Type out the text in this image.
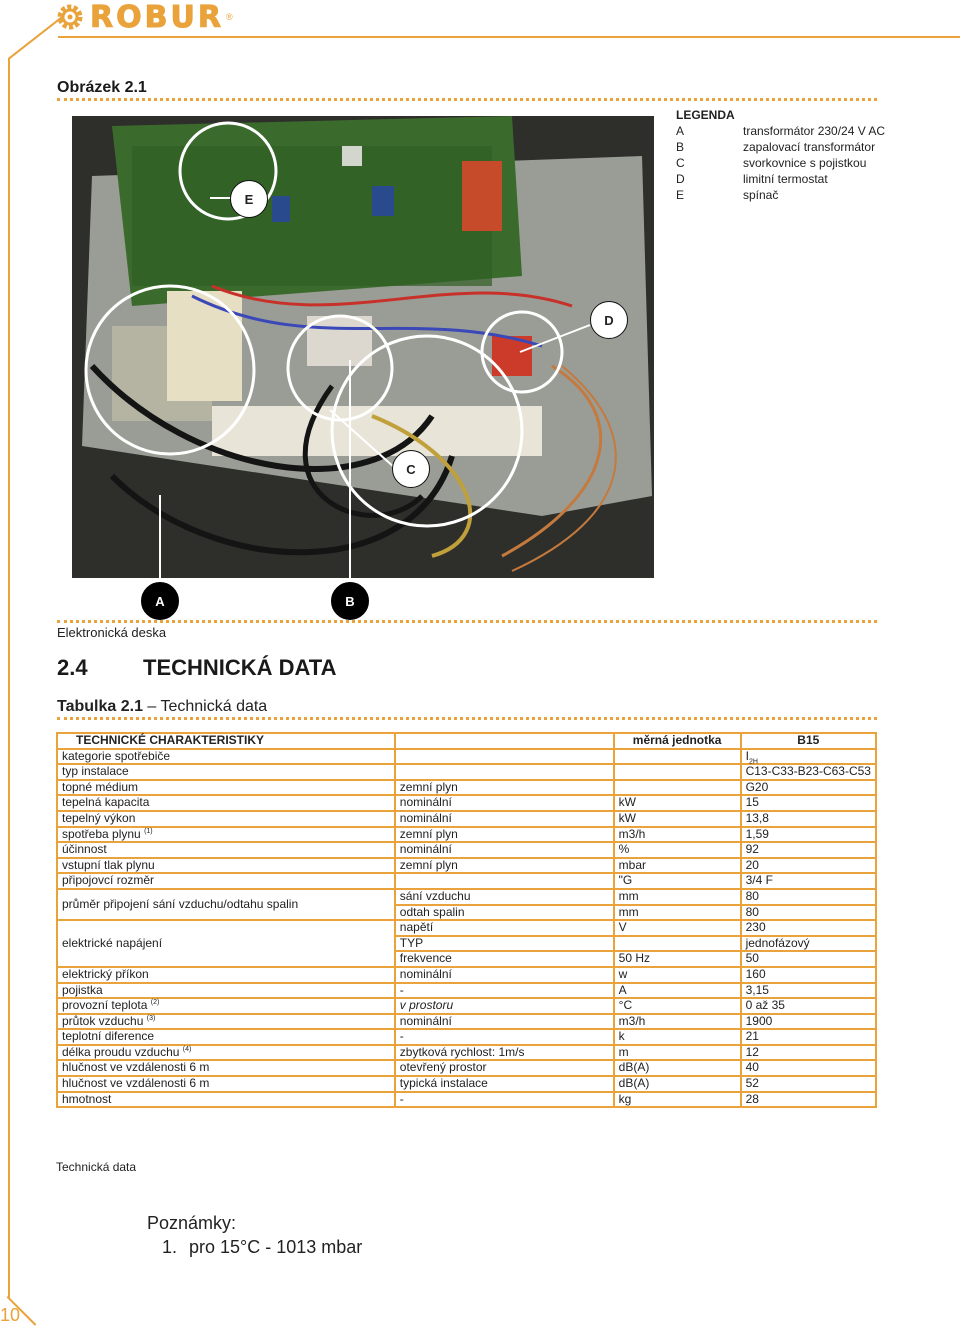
ROBUR ®
Obrázek 2.1
LEGENDA
A	transformátor 230/24 V AC
B	zapalovací transformátor
C	svorkovnice s pojistkou
D	limitní termostat
E	spínač
E
D
C
A	B
Elektronická deska
2.4	TECHNICKÁ DATA
Tabulka 2.1 – Technická data
TECHNICKÉ CHARAKTERISTIKY		měrná jednotka	B15
kategorie spotřebiče			$I_{2H}$
typ instalace			C13-C33-B23-C63-C53
topné médium	zemní plyn		G20
tepelná kapacita	nominální	kW	15
tepelný výkon	nominální	kW	13,8
spotřeba plynu $^{(1)}$	zemní plyn	m3/h	1,59
účinnost	nominální	%	92
vstupní tlak plynu	zemní plyn	mbar	20
připojovcí rozměr		"G	3/4 F
průměr připojení sání vzduchu/odtahu spalin	sání vzduchu	mm	80
	odtah spalin	mm	80
elektrické napájení	napětí	V	230
	TYP		jednofázový
	frekvence	50 Hz	50
elektrický příkon	nominální	w	160
pojistka	-	A	3,15
provozní teplota $^{(2)}$	v prostoru	°C	0 až 35
průtok vzduchu $^{(3)}$	nominální	m3/h	1900
teplotní diference	-	k	21
délka proudu vzduchu $^{(4)}$	zbytková rychlost: 1m/s	m	12
hlučnost ve vzdálenosti 6 m	otevřený prostor	dB(A)	40
hlučnost ve vzdálenosti 6 m	typická instalace	dB(A)	52
hmotnost	-	kg	28
Technická data
Poznámky:
1. pro 15°C - 1013 mbar
10
